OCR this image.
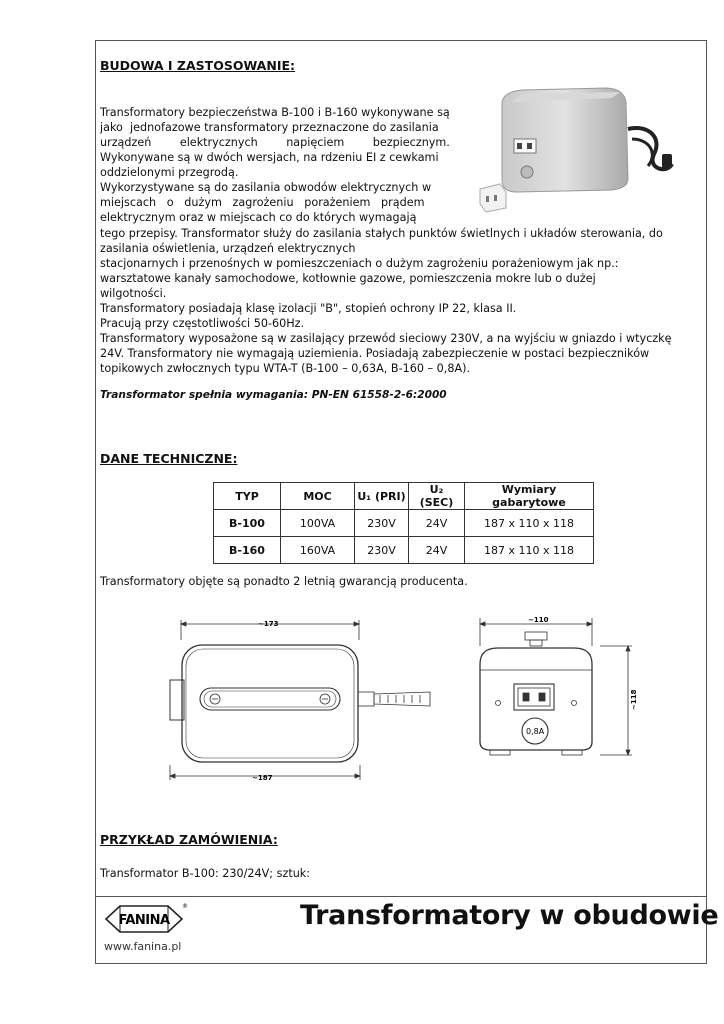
BUDOWA I ZASTOSOWANIE:
Transformatory bezpieczeństwa B-100 i B-160 wykonywane są
jako  jednofazowe transformatory przeznaczone do zasilania
urządzeń        elektrycznych        napięciem        bezpiecznym.
Wykonywane są w dwóch wersjach, na rdzeniu EI z cewkami
oddzielonymi przegrodą.
Wykorzystywane są do zasilania obwodów elektrycznych w
miejscach   o   dużym   zagrożeniu   porażeniem   prądem
elektrycznym oraz w miejscach co do których wymagają
tego przepisy. Transformator służy do zasilania stałych punktów świetlnych i układów sterowania, do
zasilania oświetlenia, urządzeń elektrycznych
stacjonarnych i przenośnych w pomieszczeniach o dużym zagrożeniu porażeniowym jak np.:
warsztatowe kanały samochodowe, kotłownie gazowe, pomieszczenia mokre lub o dużej
wilgotności.
Transformatory posiadają klasę izolacji "B", stopień ochrony IP 22, klasa II.
Pracują przy częstotliwości 50-60Hz.
Transformatory wyposażone są w zasilający przewód sieciowy 230V, a na wyjściu w gniazdo i wtyczkę
24V. Transformatory nie wymagają uziemienia. Posiadają zabezpieczenie w postaci bezpieczników
topikowych zwłocznych typu WTA-T (B-100 – 0,63A, B-160 – 0,8A).
Transformator spełnia wymagania: PN-EN 61558-2-6:2000
DANE TECHNICZNE:
TYP	MOC	U₁ (PRI)	U₂ (SEC)	Wymiary gabarytowe
B-100	100VA	230V	24V	187 x 110 x 118
B-160	160VA	230V	24V	187 x 110 x 118

Transformatory objęte są ponadto 2 letnią gwarancją producenta.

~173
~187
~110
~118
0,8A
PRZYKŁAD ZAMÓWIENIA:

Transformator B-100: 230/24V; sztuk:

FANINA
®
www.fanina.pl
Transformatory w obudowie
